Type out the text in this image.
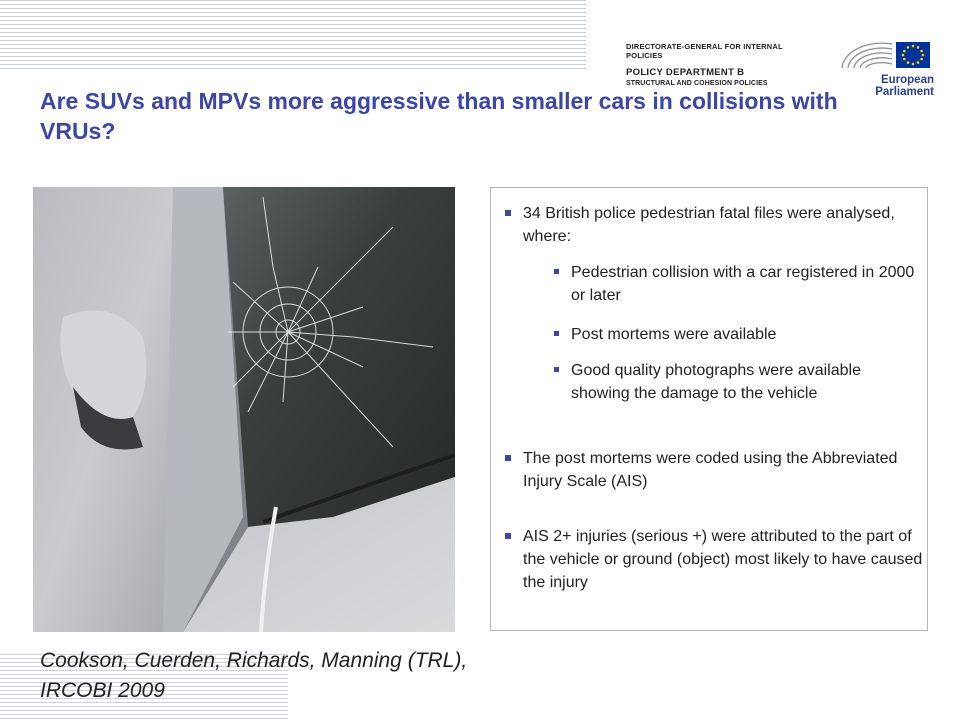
DIRECTORATE-GENERAL FOR INTERNAL POLICIES
POLICY DEPARTMENT B
STRUCTURAL AND COHESION POLICIES	European Parliament
Are SUVs and MPVs more aggressive than smaller cars in collisions with VRUs?
34 British police pedestrian fatal files were analysed, where:
Pedestrian collision with a car registered in 2000 or later
Post mortems were available
Good quality photographs were available showing the damage to the vehicle
The post mortems were coded using the Abbreviated Injury Scale (AIS)
AIS 2+ injuries (serious +) were attributed to the part of the vehicle or ground (object) most likely to have caused the injury
Cookson, Cuerden, Richards, Manning (TRL), IRCOBI 2009
